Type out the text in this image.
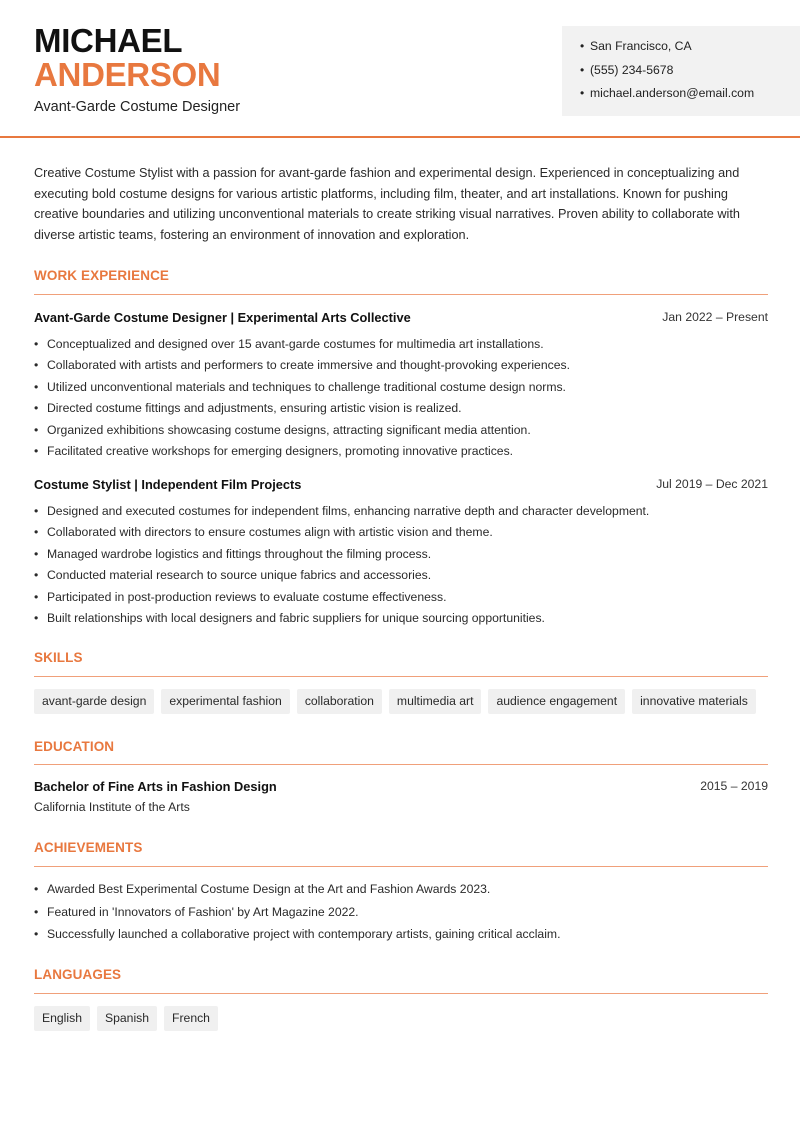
MICHAEL
ANDERSON
Avant-Garde Costume Designer
• San Francisco, CA
• (555) 234-5678
• michael.anderson@email.com

Creative Costume Stylist with a passion for avant-garde fashion and experimental design. Experienced in conceptualizing and executing bold costume designs for various artistic platforms, including film, theater, and art installations. Known for pushing creative boundaries and utilizing unconventional materials to create striking visual narratives. Proven ability to collaborate with diverse artistic teams, fostering an environment of innovation and exploration.

WORK EXPERIENCE
Avant-Garde Costume Designer | Experimental Arts Collective	Jan 2022 – Present
• Conceptualized and designed over 15 avant-garde costumes for multimedia art installations.
• Collaborated with artists and performers to create immersive and thought-provoking experiences.
• Utilized unconventional materials and techniques to challenge traditional costume design norms.
• Directed costume fittings and adjustments, ensuring artistic vision is realized.
• Organized exhibitions showcasing costume designs, attracting significant media attention.
• Facilitated creative workshops for emerging designers, promoting innovative practices.
Costume Stylist | Independent Film Projects	Jul 2019 – Dec 2021
• Designed and executed costumes for independent films, enhancing narrative depth and character development.
• Collaborated with directors to ensure costumes align with artistic vision and theme.
• Managed wardrobe logistics and fittings throughout the filming process.
• Conducted material research to source unique fabrics and accessories.
• Participated in post-production reviews to evaluate costume effectiveness.
• Built relationships with local designers and fabric suppliers for unique sourcing opportunities.
SKILLS
avant-garde design	experimental fashion	collaboration	multimedia art	audience engagement	innovative materials
EDUCATION
Bachelor of Fine Arts in Fashion Design	2015 – 2019
California Institute of the Arts
ACHIEVEMENTS
• Awarded Best Experimental Costume Design at the Art and Fashion Awards 2023.
• Featured in 'Innovators of Fashion' by Art Magazine 2022.
• Successfully launched a collaborative project with contemporary artists, gaining critical acclaim.
LANGUAGES
English	Spanish	French
